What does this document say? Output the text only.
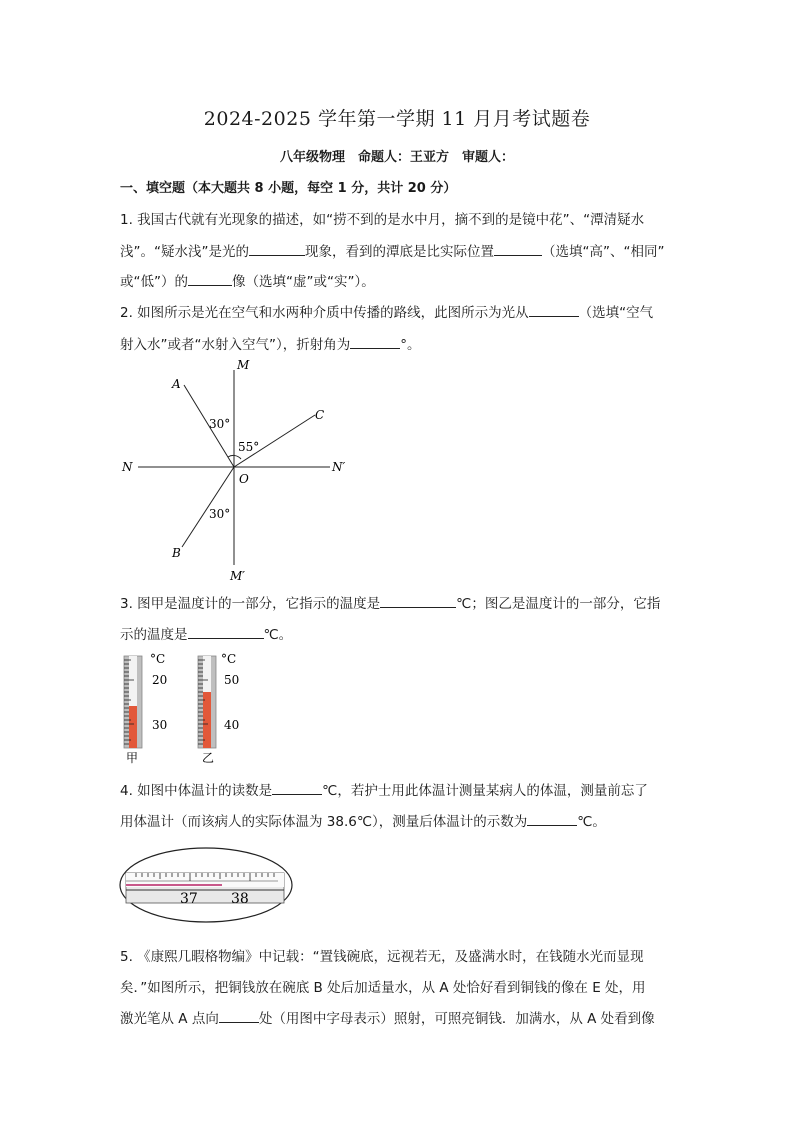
2024-2025 学年第一学期 11 月月考试题卷
八年级物理　命题人：王亚方　审题人：
一、填空题（本大题共 8 小题，每空 1 分，共计 20 分）
1. 我国古代就有光现象的描述，如“捞不到的是水中月，摘不到的是镜中花”、“潭清疑水
浅”。“疑水浅”是光的	现象，看到的潭底是比实际位置	（选填“高”、“相同”
或“低”）的	像（选填“虚”或“实”）。
2. 如图所示是光在空气和水两种介质中传播的路线，此图所示为光从	（选填“空气
射入水”或者“水射入空气”），折射角为	°。
M
M′
N	N′
O
A
B
C
30°
55°
30°
3. 图甲是温度计的一部分，它指示的温度是	℃；图乙是温度计的一部分，它指
示的温度是	℃。
°C
20
30
甲
°C
50
40
乙
4. 如图中体温计的读数是	℃，若护士用此体温计测量某病人的体温，测量前忘了
用体温计（而该病人的实际体温为 38.6℃），测量后体温计的示数为	℃。
37 38
5. 《康熙几暇格物编》中记载：“置钱碗底，远视若无，及盛满水时，在钱随水光而显现
矣．”如图所示，把铜钱放在碗底 B 处后加适量水，从 A 处恰好看到铜钱的像在 E 处，用
激光笔从 A 点向	处（用图中字母表示）照射，可照亮铜钱．加满水，从 A 处看到像
